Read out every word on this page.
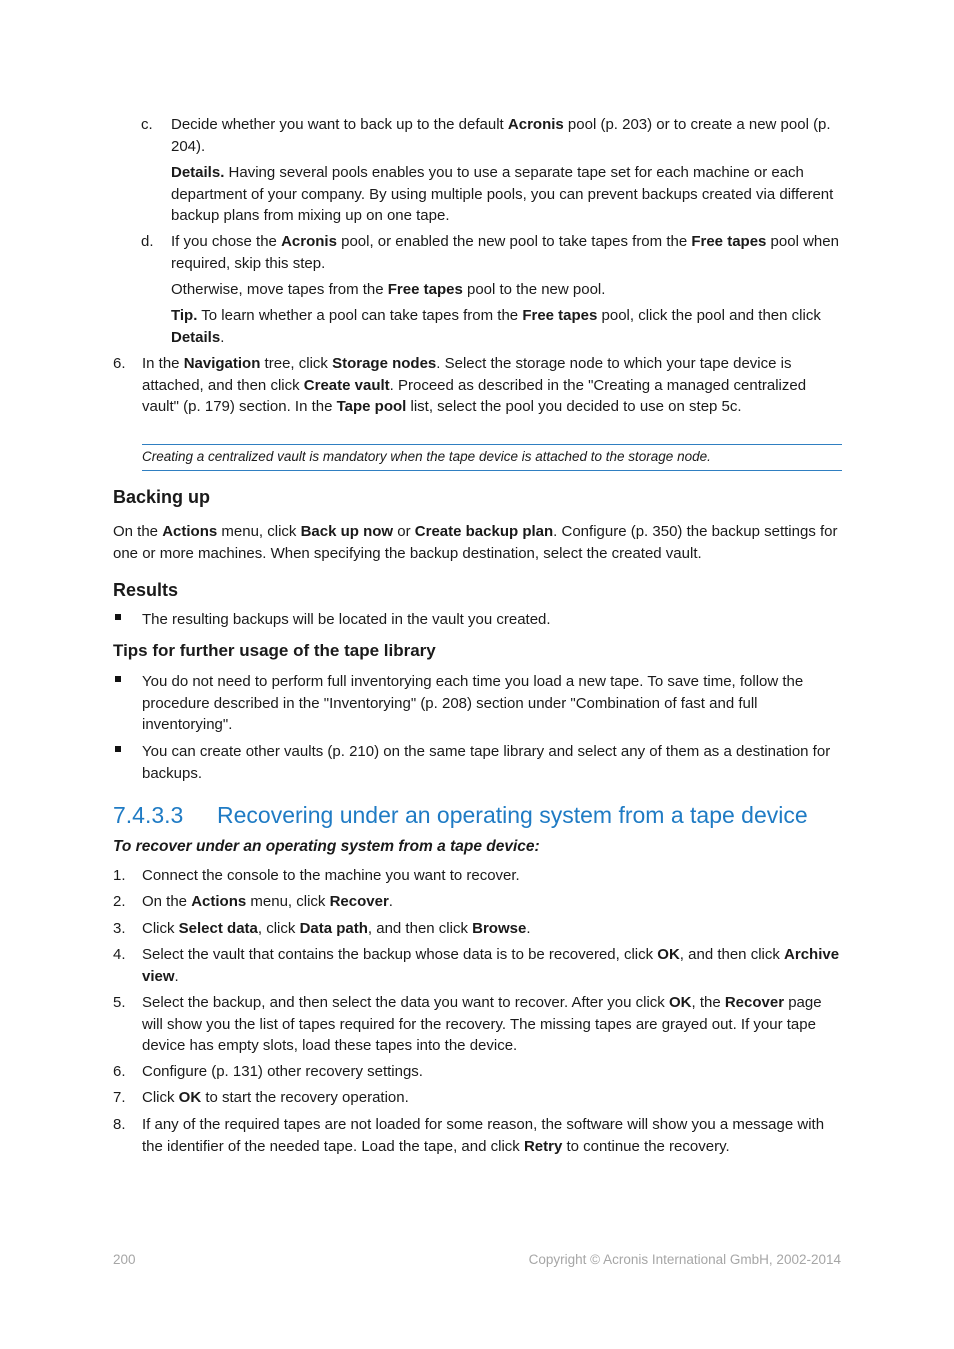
c. Decide whether you want to back up to the default Acronis pool (p. 203) or to create a new pool (p. 204).
Details. Having several pools enables you to use a separate tape set for each machine or each department of your company. By using multiple pools, you can prevent backups created via different backup plans from mixing up on one tape.
d. If you chose the Acronis pool, or enabled the new pool to take tapes from the Free tapes pool when required, skip this step.
Otherwise, move tapes from the Free tapes pool to the new pool.
Tip. To learn whether a pool can take tapes from the Free tapes pool, click the pool and then click Details.
6. In the Navigation tree, click Storage nodes. Select the storage node to which your tape device is attached, and then click Create vault. Proceed as described in the "Creating a managed centralized vault" (p. 179) section. In the Tape pool list, select the pool you decided to use on step 5c.
Creating a centralized vault is mandatory when the tape device is attached to the storage node.
Backing up
On the Actions menu, click Back up now or Create backup plan. Configure (p. 350) the backup settings for one or more machines. When specifying the backup destination, select the created vault.
Results
The resulting backups will be located in the vault you created.
Tips for further usage of the tape library
You do not need to perform full inventorying each time you load a new tape. To save time, follow the procedure described in the "Inventorying" (p. 208) section under "Combination of fast and full inventorying".
You can create other vaults (p. 210) on the same tape library and select any of them as a destination for backups.
7.4.3.3 Recovering under an operating system from a tape device
To recover under an operating system from a tape device:
1. Connect the console to the machine you want to recover.
2. On the Actions menu, click Recover.
3. Click Select data, click Data path, and then click Browse.
4. Select the vault that contains the backup whose data is to be recovered, click OK, and then click Archive view.
5. Select the backup, and then select the data you want to recover. After you click OK, the Recover page will show you the list of tapes required for the recovery. The missing tapes are grayed out. If your tape device has empty slots, load these tapes into the device.
6. Configure (p. 131) other recovery settings.
7. Click OK to start the recovery operation.
8. If any of the required tapes are not loaded for some reason, the software will show you a message with the identifier of the needed tape. Load the tape, and click Retry to continue the recovery.
200	Copyright © Acronis International GmbH, 2002-2014
